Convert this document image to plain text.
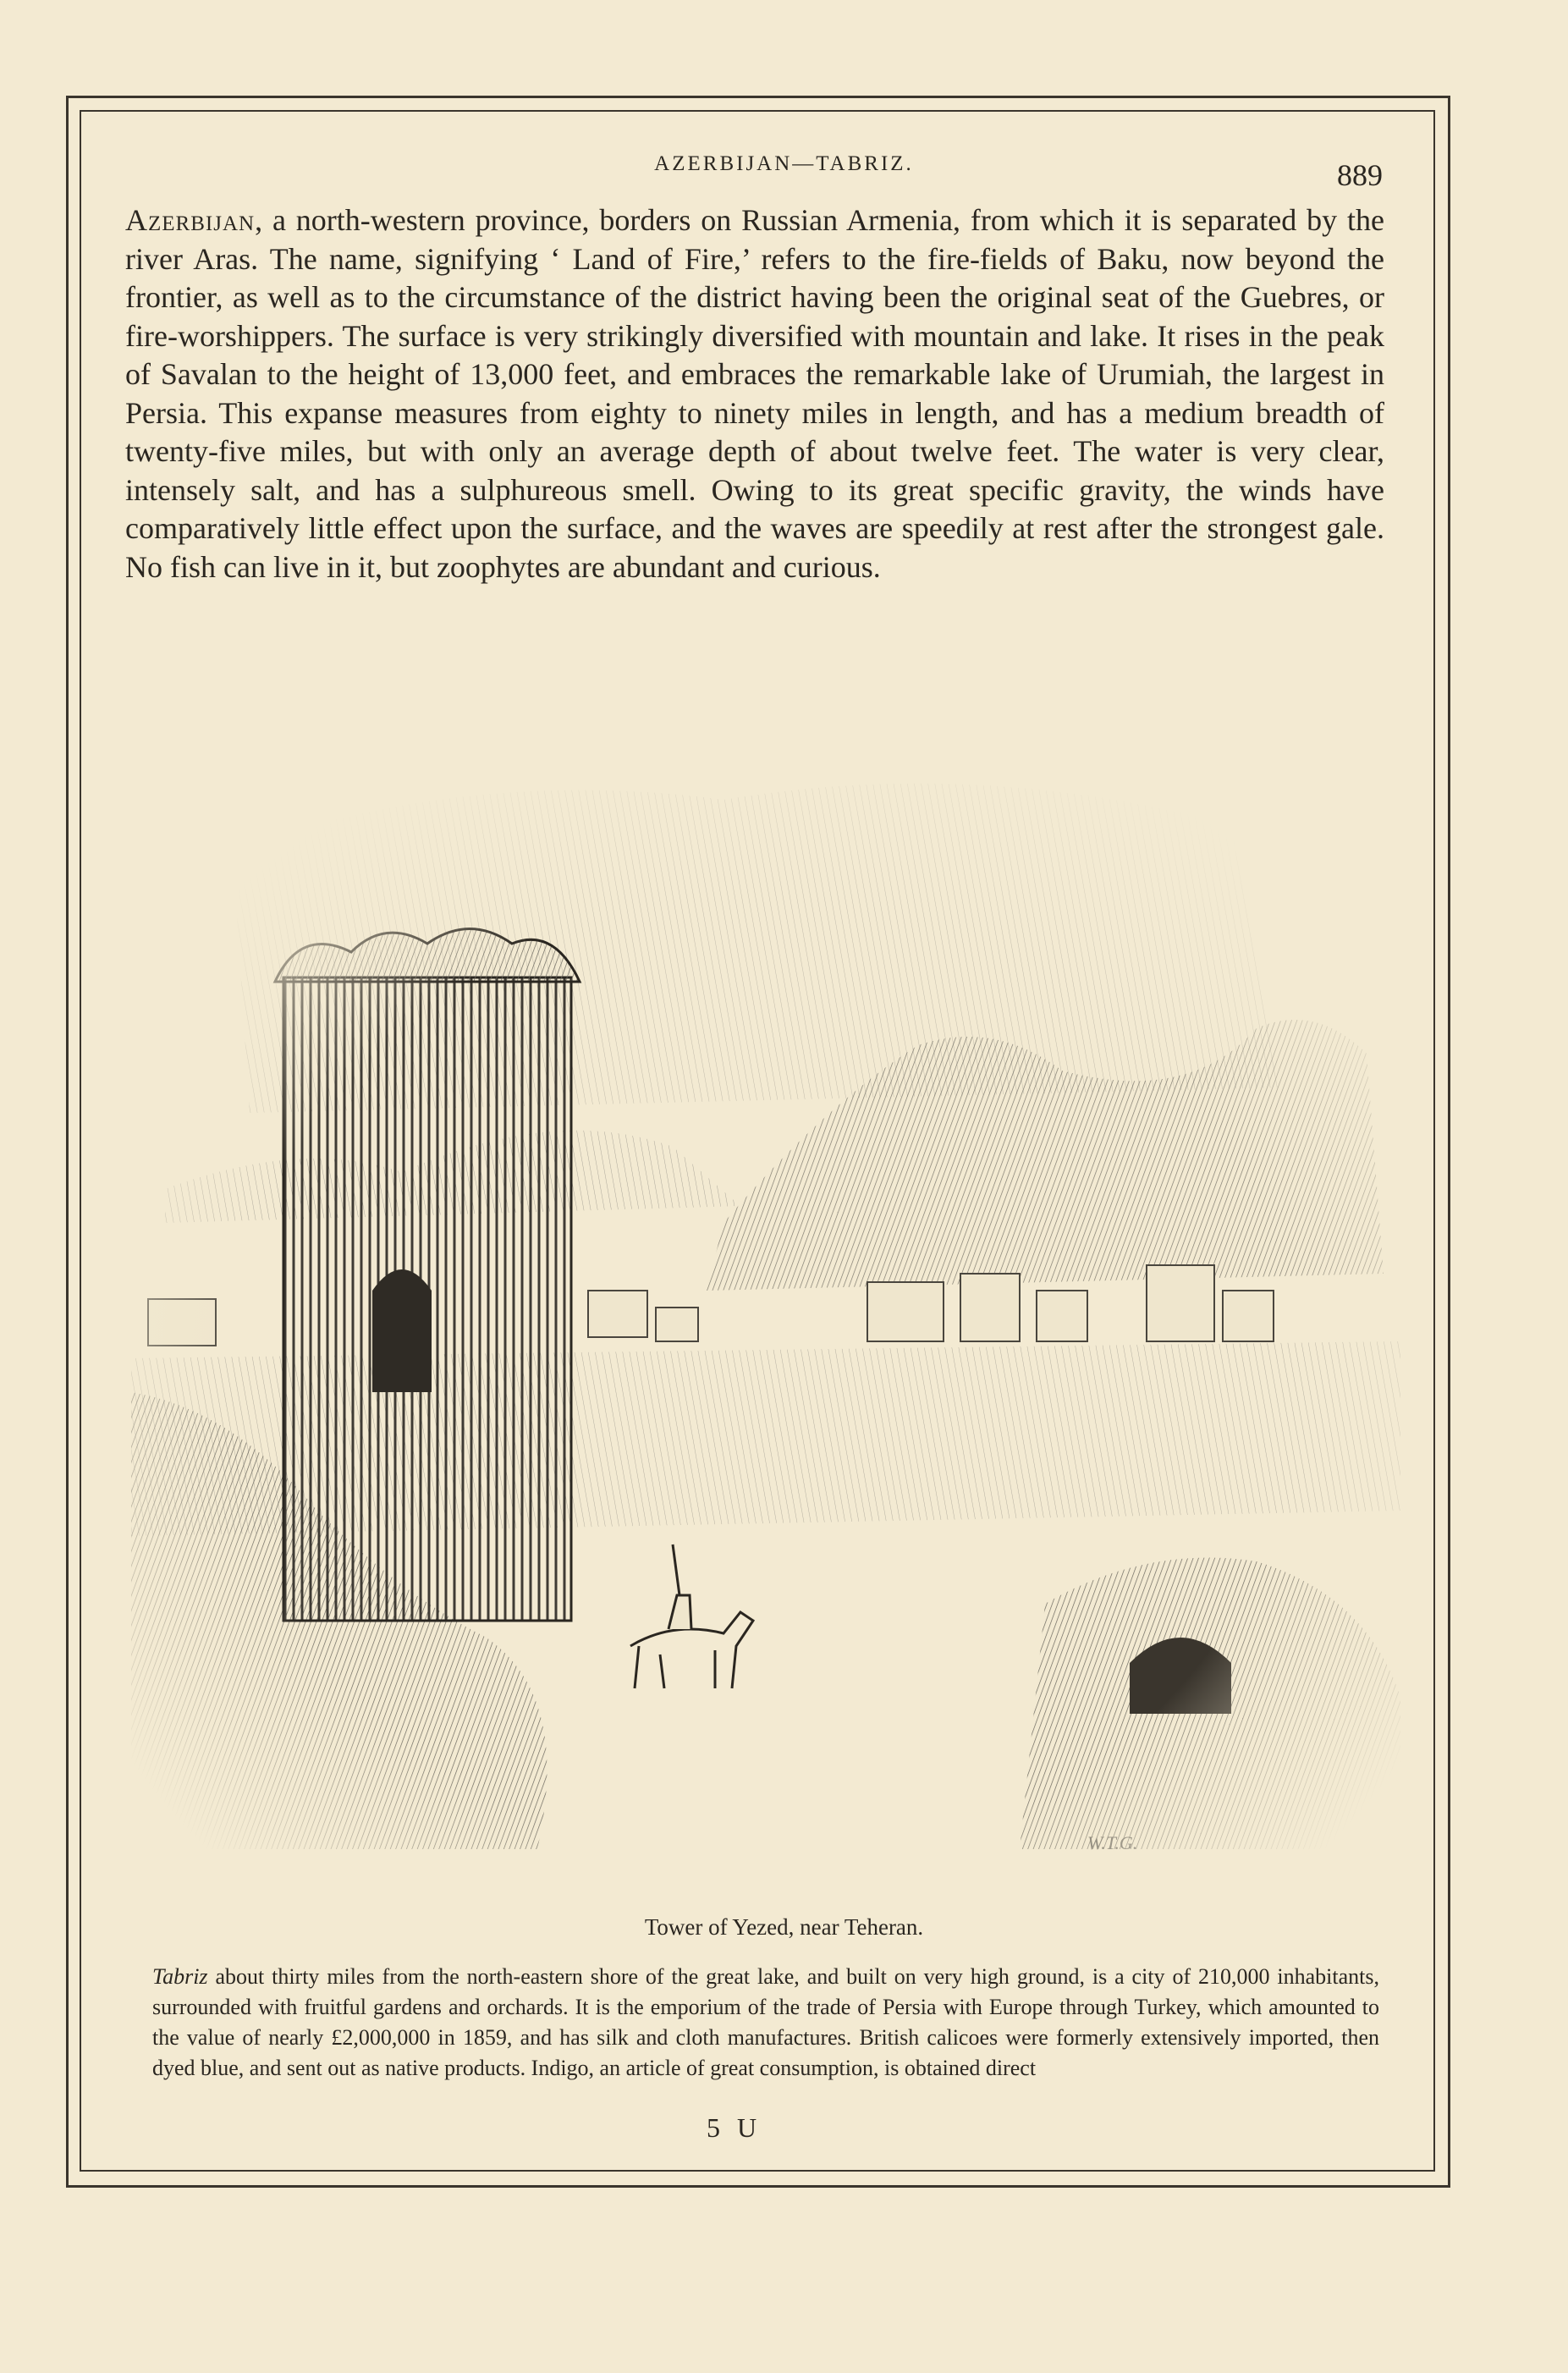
AZERBIJAN—TABRIZ.	889

Azerbijan, a north-western province, borders on Russian Armenia, from which it is separated by the river Aras. The name, signifying ‘ Land of Fire,’ refers to the fire-fields of Baku, now beyond the frontier, as well as to the circumstance of the district having been the original seat of the Guebres, or fire-worshippers. The surface is very strikingly diversified with mountain and lake. It rises in the peak of Savalan to the height of 13,000 feet, and embraces the remarkable lake of Urumiah, the largest in Persia. This expanse measures from eighty to ninety miles in length, and has a medium breadth of twenty-five miles, but with only an average depth of about twelve feet. The water is very clear, intensely salt, and has a sulphureous smell. Owing to its great specific gravity, the winds have comparatively little effect upon the surface, and the waves are speedily at rest after the strongest gale. No fish can live in it, but zoophytes are abundant and curious.

Tower of Yezed, near Teheran.

Tabriz about thirty miles from the north-eastern shore of the great lake, and built on very high ground, is a city of 210,000 inhabitants, surrounded with fruitful gardens and orchards. It is the emporium of the trade of Persia with Europe through Turkey, which amounted to the value of nearly £2,000,000 in 1859, and has silk and cloth manufactures. British calicoes were formerly extensively imported, then dyed blue, and sent out as native products. Indigo, an article of great consumption, is obtained direct

5 U
